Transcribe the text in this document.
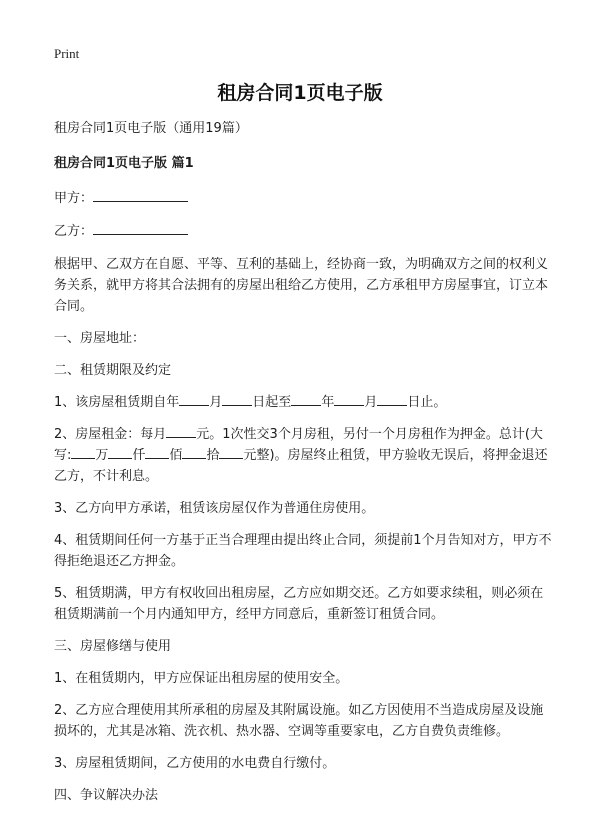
Print
租房合同1页电子版

租房合同1页电子版（通用19篇）

租房合同1页电子版 篇1

甲方：

乙方：

根据甲、乙双方在自愿、平等、互利的基础上，经协商一致，为明确双方之间的权利义务关系，就甲方将其合法拥有的房屋出租给乙方使用，乙方承租甲方房屋事宜，订立本合同。

一、房屋地址：

二、租赁期限及约定

1、该房屋租赁期自年 月 日起至 年 月 日止。

2、房屋租金：每月 元。1次性交3个月房租，另付一个月房租作为押金。总计(大写: 万 仟 佰 拾 元整)。房屋终止租赁，甲方验收无误后，将押金退还乙方，不计利息。

3、乙方向甲方承诺，租赁该房屋仅作为普通住房使用。

4、租赁期间任何一方基于正当合理理由提出终止合同，须提前1个月告知对方，甲方不得拒绝退还乙方押金。

5、租赁期满，甲方有权收回出租房屋，乙方应如期交还。乙方如要求续租，则必须在租赁期满前一个月内通知甲方，经甲方同意后，重新签订租赁合同。

三、房屋修缮与使用

1、在租赁期内，甲方应保证出租房屋的使用安全。

2、乙方应合理使用其所承租的房屋及其附属设施。如乙方因使用不当造成房屋及设施损坏的，尤其是冰箱、洗衣机、热水器、空调等重要家电，乙方自费负责维修。

3、房屋租赁期间，乙方使用的水电费自行缴付。

四、争议解决办法
